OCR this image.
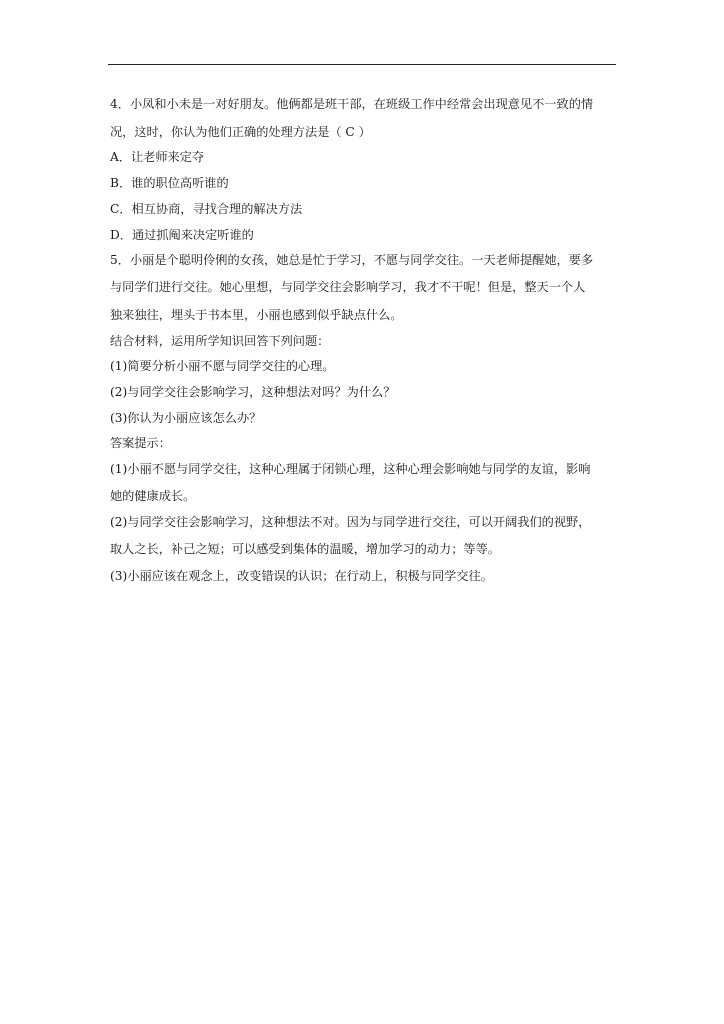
4．小凤和小未是一对好朋友。他俩都是班干部，在班级工作中经常会出现意见不一致的情

况，这时，你认为他们正确的处理方法是（ C ）

A．让老师来定夺

B．谁的职位高听谁的

C．相互协商，寻找合理的解决方法

D．通过抓阄来决定听谁的

5．小丽是个聪明伶俐的女孩，她总是忙于学习，不愿与同学交往。一天老师提醒她，要多

与同学们进行交往。她心里想，与同学交往会影响学习，我才不干呢！但是，整天一个人

独来独往，埋头于书本里，小丽也感到似乎缺点什么。

结合材料，运用所学知识回答下列问题：

(1)简要分析小丽不愿与同学交往的心理。

(2)与同学交往会影响学习，这种想法对吗？为什么？

(3)你认为小丽应该怎么办？

答案提示：

(1)小丽不愿与同学交往，这种心理属于闭锁心理，这种心理会影响她与同学的友谊，影响

她的健康成长。

(2)与同学交往会影响学习，这种想法不对。因为与同学进行交往，可以开阔我们的视野，

取人之长，补己之短；可以感受到集体的温暖，增加学习的动力；等等。

(3)小丽应该在观念上，改变错误的认识；在行动上，积极与同学交往。
